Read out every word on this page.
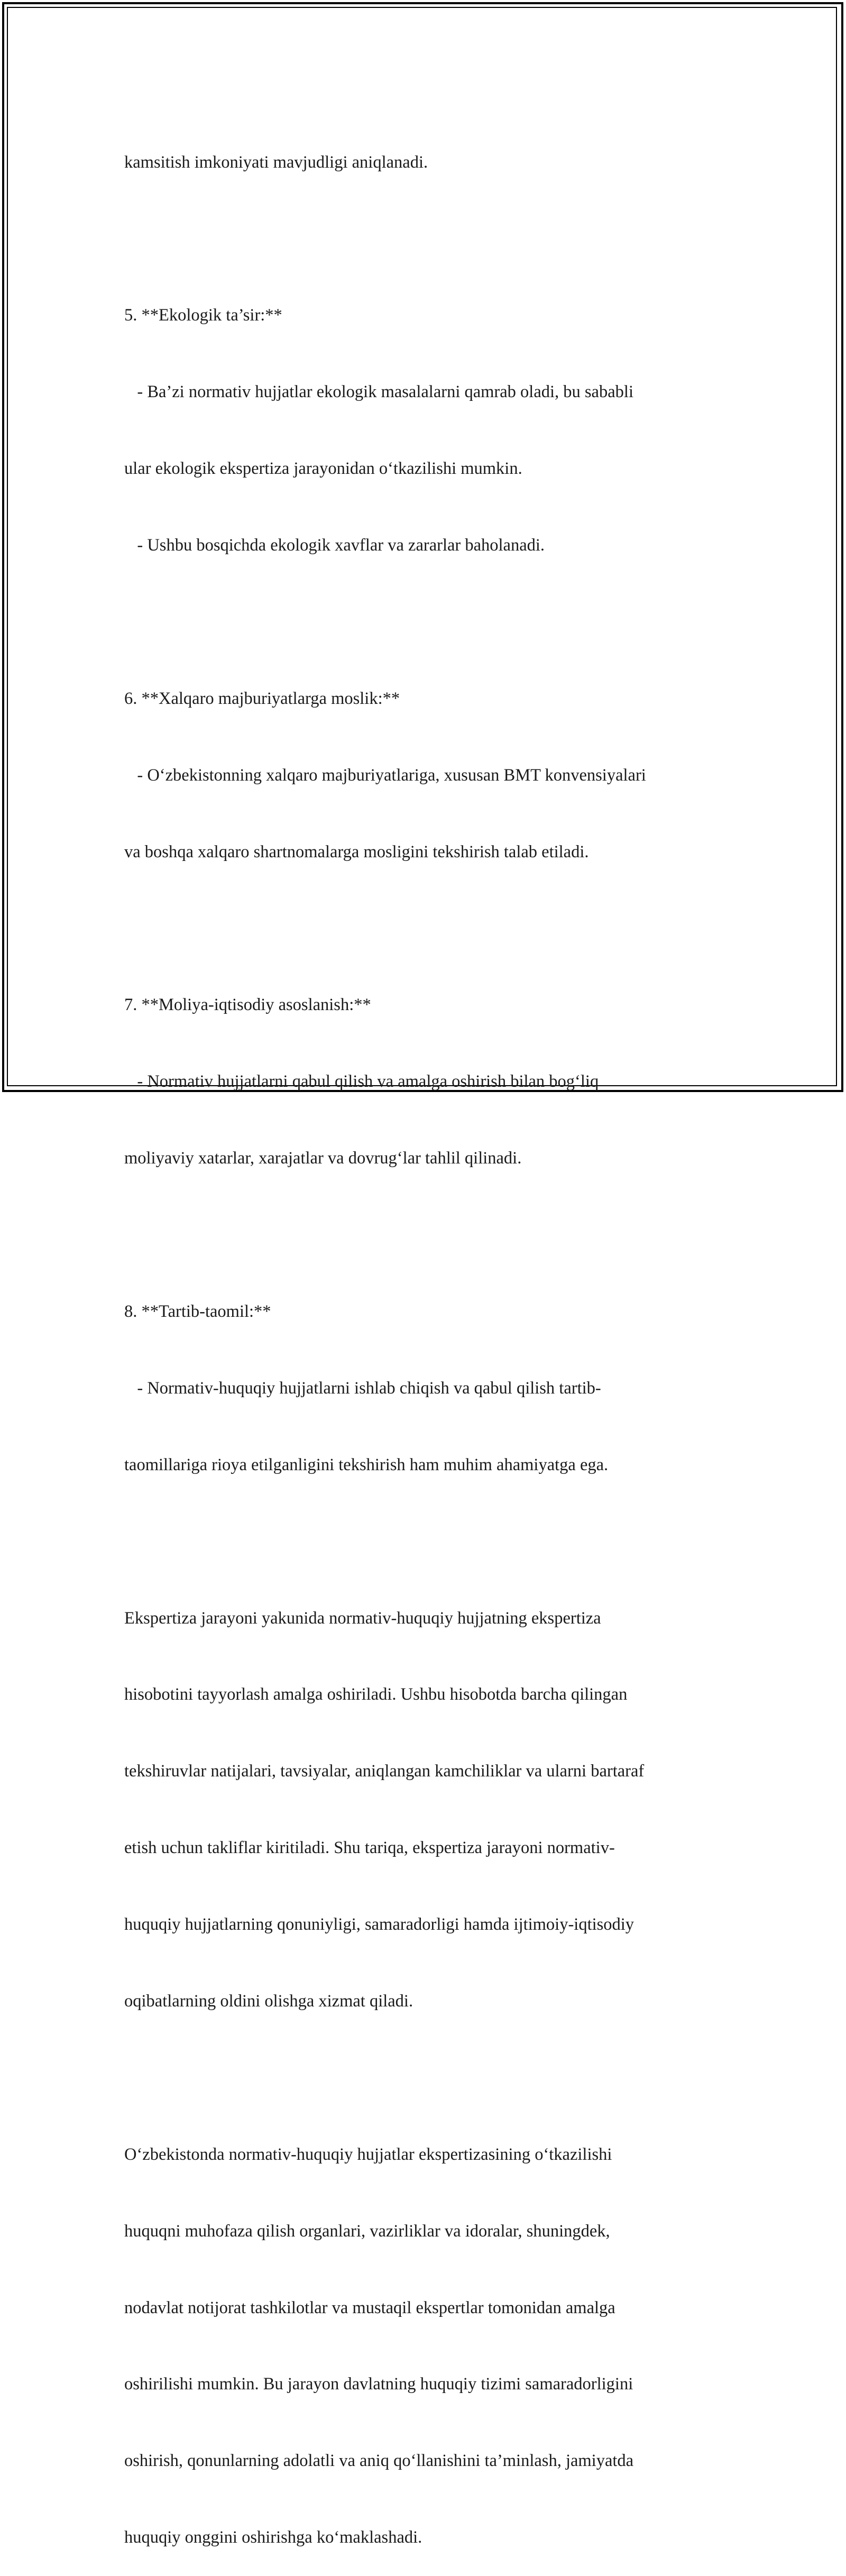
kamsitish imkoniyati mavjudligi aniqlanadi.

5. **Ekologik ta’sir:**

- Ba’zi normativ hujjatlar ekologik masalalarni qamrab oladi, bu sababli

ular ekologik ekspertiza jarayonidan o‘tkazilishi mumkin.

- Ushbu bosqichda ekologik xavflar va zararlar baholanadi.

6. **Xalqaro majburiyatlarga moslik:**

- O‘zbekistonning xalqaro majburiyatlariga, xususan BMT konvensiyalari

va boshqa xalqaro shartnomalarga mosligini tekshirish talab etiladi.

7. **Moliya-iqtisodiy asoslanish:**

- Normativ hujjatlarni qabul qilish va amalga oshirish bilan bog‘liq

moliyaviy xatarlar, xarajatlar va dovrug‘lar tahlil qilinadi.

8. **Tartib-taomil:**

- Normativ-huquqiy hujjatlarni ishlab chiqish va qabul qilish tartib-

taomillariga rioya etilganligini tekshirish ham muhim ahamiyatga ega.

Ekspertiza jarayoni yakunida normativ-huquqiy hujjatning ekspertiza

hisobotini tayyorlash amalga oshiriladi. Ushbu hisobotda barcha qilingan

tekshiruvlar natijalari, tavsiyalar, aniqlangan kamchiliklar va ularni bartaraf

etish uchun takliflar kiritiladi. Shu tariqa, ekspertiza jarayoni normativ-

huquqiy hujjatlarning qonuniyligi, samaradorligi hamda ijtimoiy-iqtisodiy

oqibatlarning oldini olishga xizmat qiladi.

O‘zbekistonda normativ-huquqiy hujjatlar ekspertizasining o‘tkazilishi

huquqni muhofaza qilish organlari, vazirliklar va idoralar, shuningdek,

nodavlat notijorat tashkilotlar va mustaqil ekspertlar tomonidan amalga

oshirilishi mumkin. Bu jarayon davlatning huquqiy tizimi samaradorligini

oshirish, qonunlarning adolatli va aniq qo‘llanishini ta’minlash, jamiyatda

huquqiy onggini oshirishga ko‘maklashadi.
